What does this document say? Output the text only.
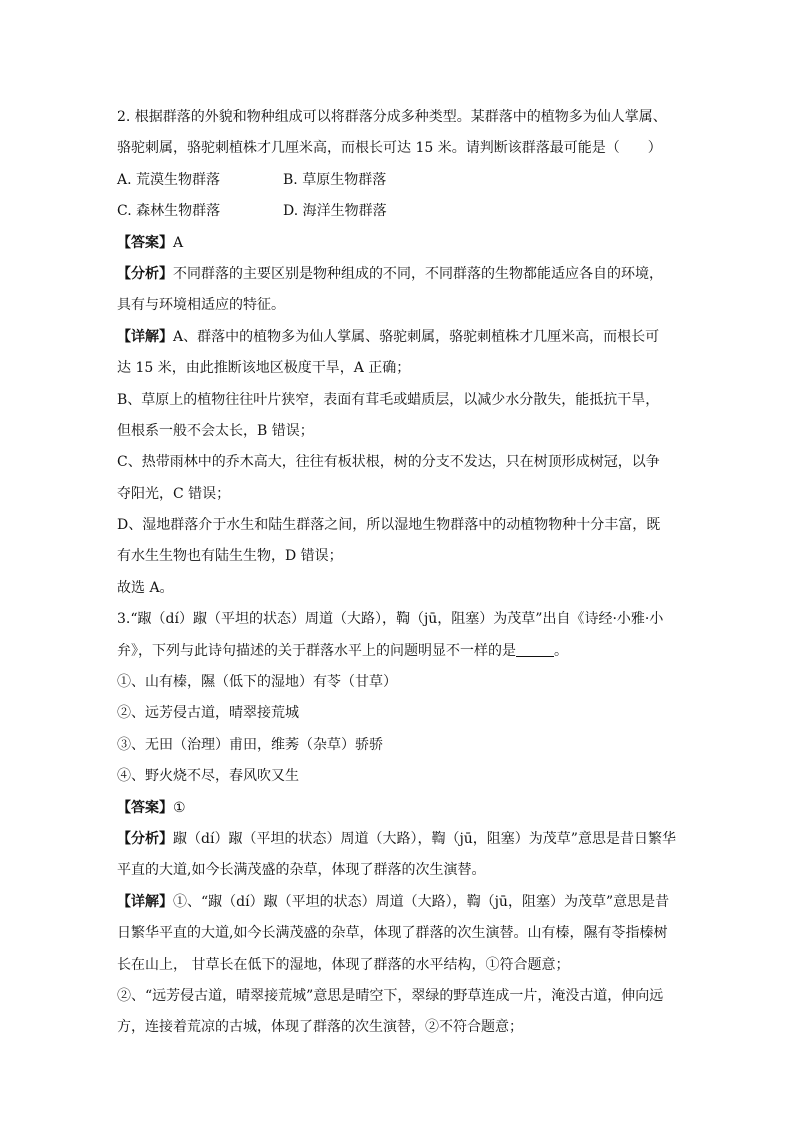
2. 根据群落的外貌和物种组成可以将群落分成多种类型。某群落中的植物多为仙人掌属、
骆驼刺属，骆驼刺植株才几厘米高，而根长可达 15 米。请判断该群落最可能是（　　）
A. 荒漠生物群落	B. 草原生物群落
C. 森林生物群落	D. 海洋生物群落
【答案】A
【分析】不同群落的主要区别是物种组成的不同，不同群落的生物都能适应各自的环境，
具有与环境相适应的特征。
【详解】A、群落中的植物多为仙人掌属、骆驼刺属，骆驼刺植株才几厘米高，而根长可
达 15 米，由此推断该地区极度干旱，A 正确；
B、草原上的植物往往叶片狭窄，表面有茸毛或蜡质层，以减少水分散失，能抵抗干旱，
但根系一般不会太长，B 错误；
C、热带雨林中的乔木高大，往往有板状根，树的分支不发达，只在树顶形成树冠，以争
夺阳光，C 错误；
D、湿地群落介于水生和陆生群落之间，所以湿地生物群落中的动植物物种十分丰富，既
有水生生物也有陆生生物，D 错误；
故选 A。
3.“踧（dí）踧（平坦的状态）周道（大路），鞫（jū，阻塞）为茂草”出自《诗经·小雅·小
弁》，下列与此诗句描述的关于群落水平上的问题明显不一样的是	。
①、山有榛，隰（低下的湿地）有苓（甘草）
②、远芳侵古道，晴翠接荒城
③、无田（治理）甫田，维莠（杂草）骄骄
④、野火烧不尽，春风吹又生
【答案】①
【分析】踧（dí）踧（平坦的状态）周道（大路），鞫（jū，阻塞）为茂草”意思是昔日繁华
平直的大道,如今长满茂盛的杂草，体现了群落的次生演替。
【详解】①、“踧（dí）踧（平坦的状态）周道（大路），鞫（jū，阻塞）为茂草”意思是昔
日繁华平直的大道,如今长满茂盛的杂草，体现了群落的次生演替。山有榛，隰有苓指榛树
长在山上， 甘草长在低下的湿地，体现了群落的水平结构，①符合题意；
②、“远芳侵古道，晴翠接荒城”意思是晴空下，翠绿的野草连成一片，淹没古道，伸向远
方，连接着荒凉的古城，体现了群落的次生演替，②不符合题意；
